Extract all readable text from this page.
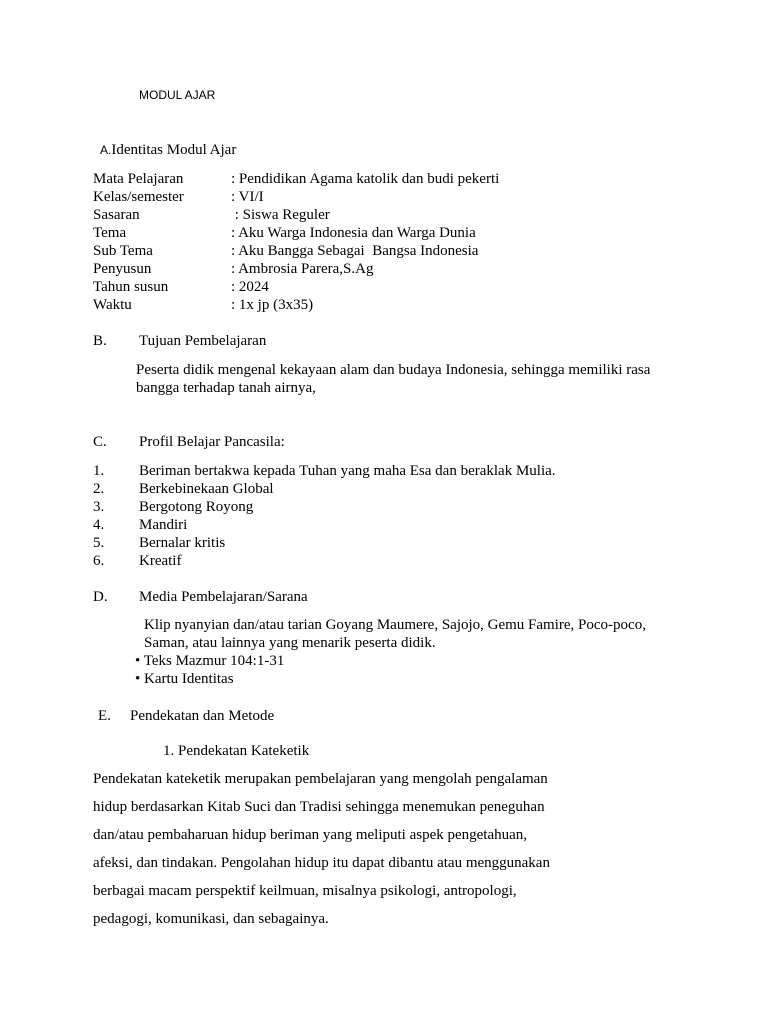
MODUL AJAR
A.Identitas Modul Ajar
Mata Pelajaran	: Pendidikan Agama katolik dan budi pekerti
Kelas/semester	: VI/I
Sasaran	: Siswa Reguler
Tema	: Aku Warga Indonesia dan Warga Dunia
Sub Tema	: Aku Bangga Sebagai  Bangsa Indonesia
Penyusun	: Ambrosia Parera,S.Ag
Tahun susun	: 2024
Waktu	: 1x jp (3x35)
B. Tujuan Pembelajaran
Peserta didik mengenal kekayaan alam dan budaya Indonesia, sehingga memiliki rasa
bangga terhadap tanah airnya,
C. Profil Belajar Pancasila:
1.	Beriman bertakwa kepada Tuhan yang maha Esa dan beraklak Mulia.
2.	Berkebinekaan Global
3.	Bergotong Royong
4.	Mandiri
5.	Bernalar kritis
6.	Kreatif
D. Media Pembelajaran/Sarana
Klip nyanyian dan/atau tarian Goyang Maumere, Sajojo, Gemu Famire, Poco-poco,
Saman, atau lainnya yang menarik peserta didik.
• Teks Mazmur 104:1-31
• Kartu Identitas
E. Pendekatan dan Metode
1. Pendekatan Kateketik
Pendekatan kateketik merupakan pembelajaran yang mengolah pengalaman
hidup berdasarkan Kitab Suci dan Tradisi sehingga menemukan peneguhan
dan/atau pembaharuan hidup beriman yang meliputi aspek pengetahuan,
afeksi, dan tindakan. Pengolahan hidup itu dapat dibantu atau menggunakan
berbagai macam perspektif keilmuan, misalnya psikologi, antropologi,
pedagogi, komunikasi, dan sebagainya.
